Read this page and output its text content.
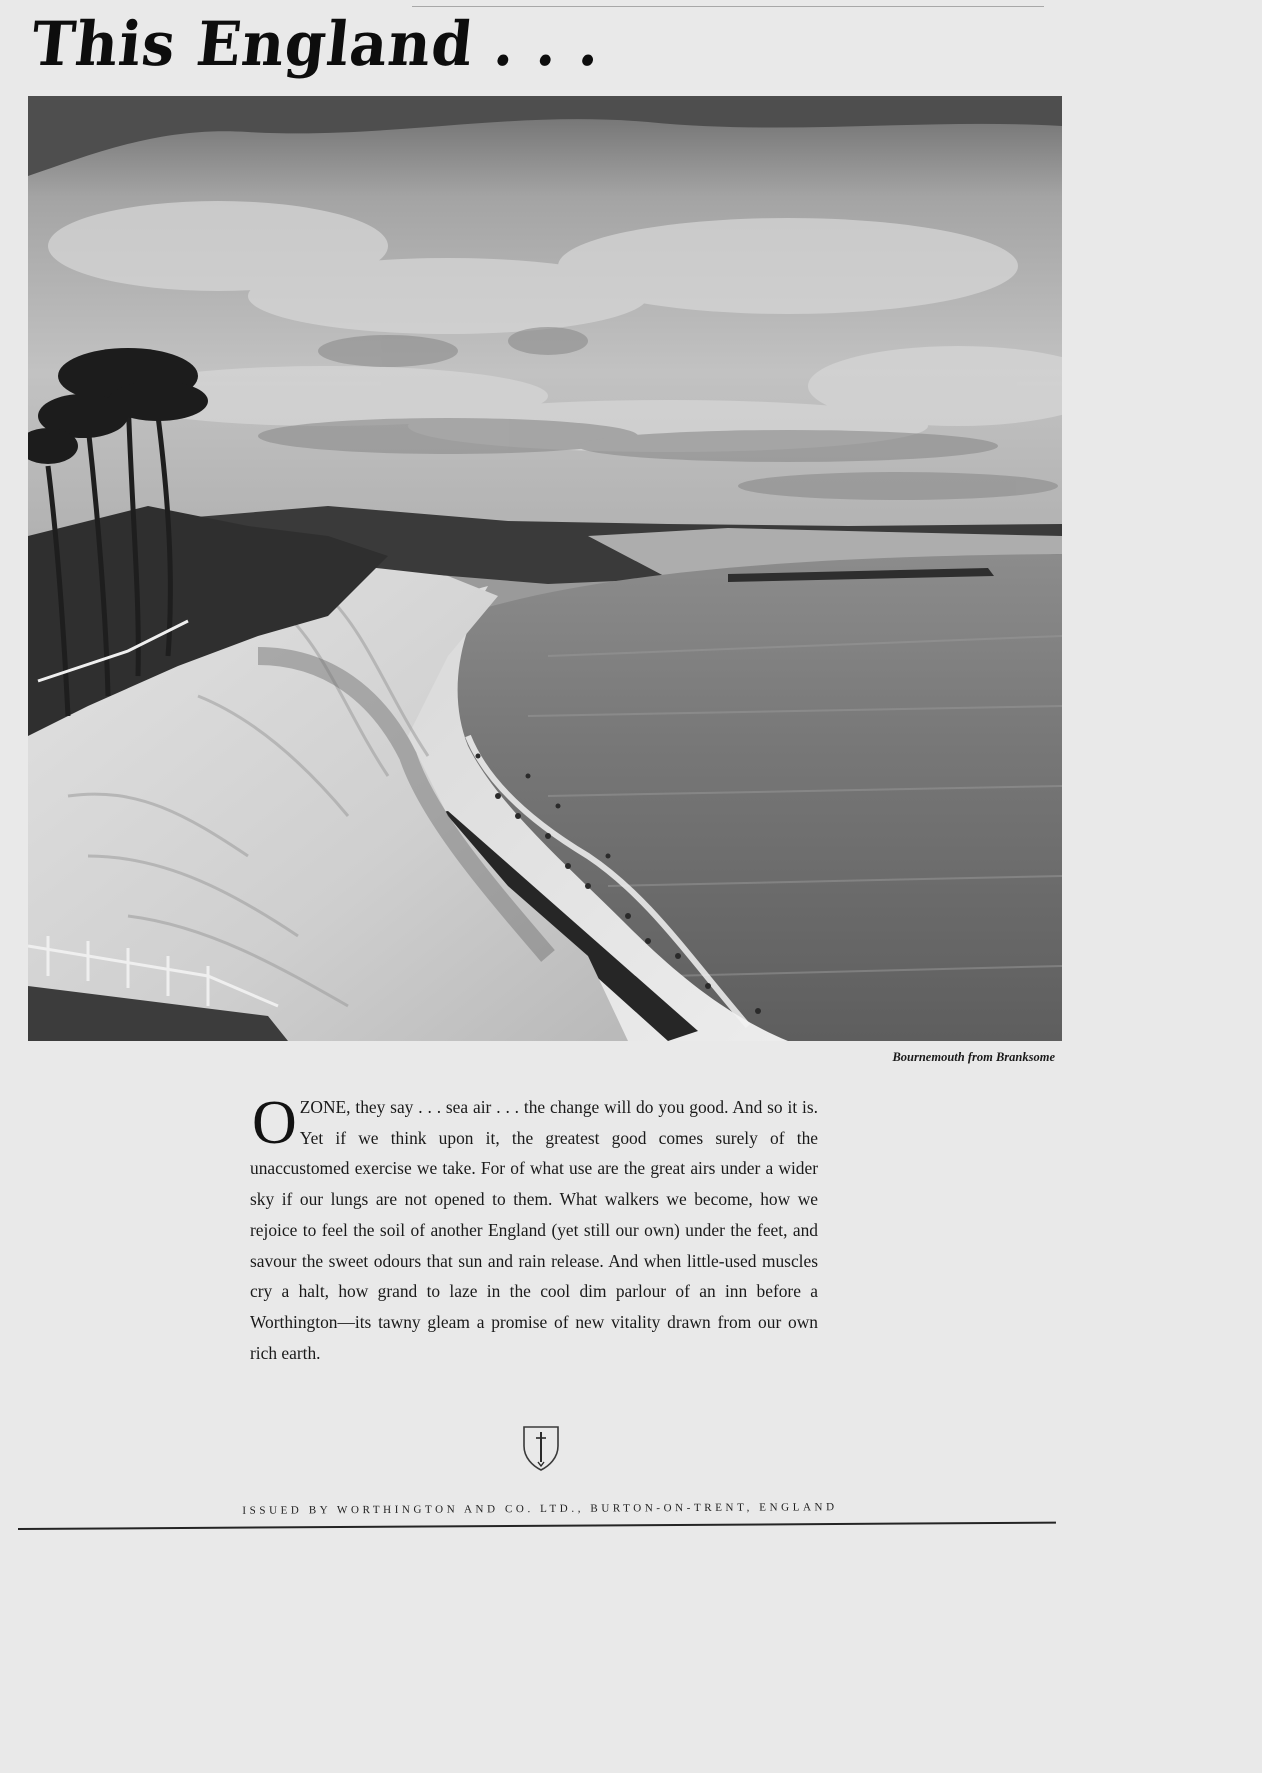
This England . . .
Bournemouth from Branksome

OZONE, they say . . . sea air . . . the change will do you good. And so it is. Yet if we think upon it, the greatest good comes surely of the unaccustomed exercise we take. For of what use are the great airs under a wider sky if our lungs are not opened to them. What walkers we become, how we rejoice to feel the soil of another England (yet still our own) under the feet, and savour the sweet odours that sun and rain release. And when little-used muscles cry a halt, how grand to laze in the cool dim parlour of an inn before a Worthington—its tawny gleam a promise of new vitality drawn from our own rich earth.

ISSUED BY WORTHINGTON AND CO. LTD., BURTON-ON-TRENT, ENGLAND
